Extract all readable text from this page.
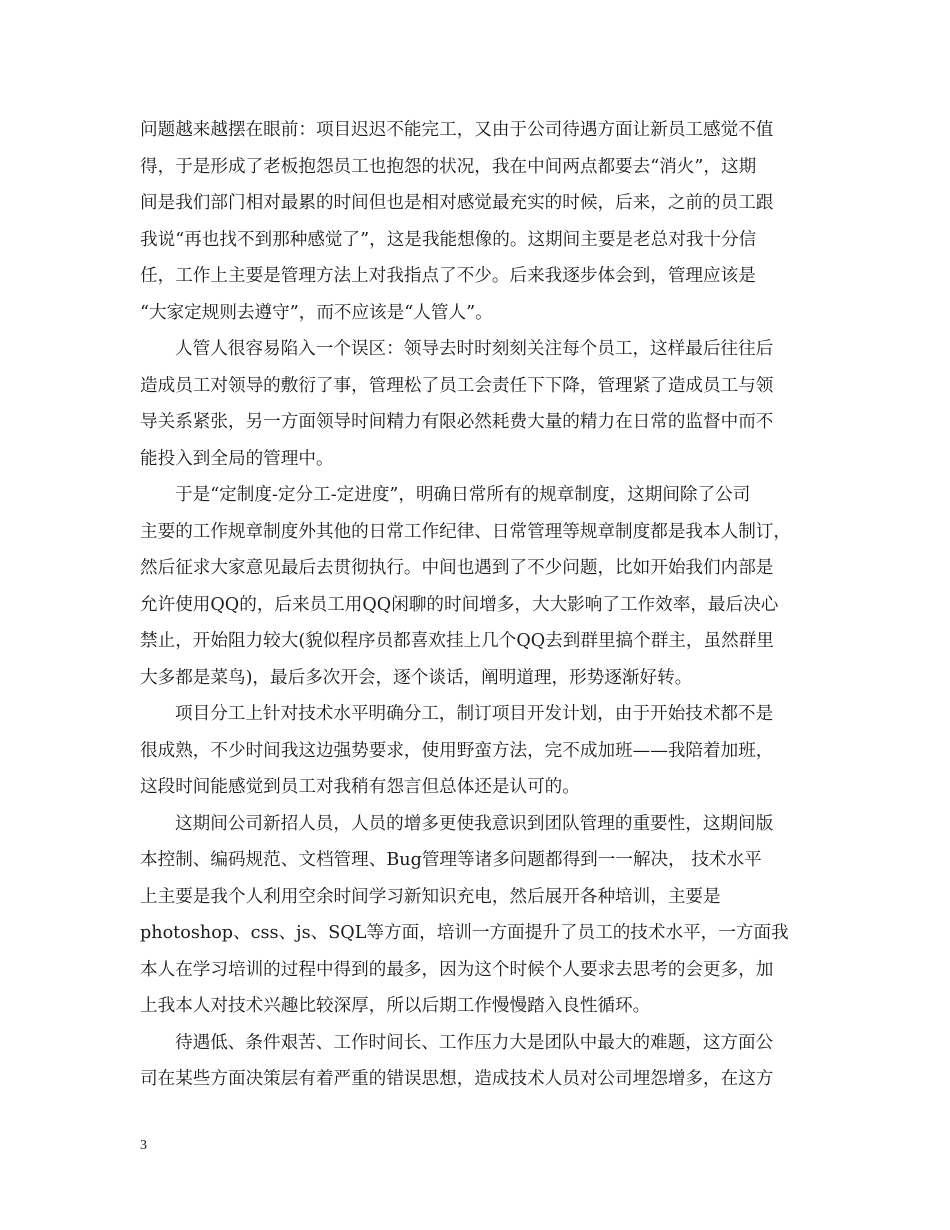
问题越来越摆在眼前：项目迟迟不能完工，又由于公司待遇方面让新员工感觉不值

得，于是形成了老板抱怨员工也抱怨的状况，我在中间两点都要去“消火”，这期

间是我们部门相对最累的时间但也是相对感觉最充实的时候，后来，之前的员工跟

我说“再也找不到那种感觉了”，这是我能想像的。这期间主要是老总对我十分信

任，工作上主要是管理方法上对我指点了不少。后来我逐步体会到，管理应该是

“大家定规则去遵守”，而不应该是“人管人”。

人管人很容易陷入一个误区：领导去时时刻刻关注每个员工，这样最后往往后

造成员工对领导的敷衍了事，管理松了员工会责任下下降，管理紧了造成员工与领

导关系紧张，另一方面领导时间精力有限必然耗费大量的精力在日常的监督中而不

能投入到全局的管理中。

于是“定制度-定分工-定进度”，明确日常所有的规章制度，这期间除了公司

主要的工作规章制度外其他的日常工作纪律、日常管理等规章制度都是我本人制订，

然后征求大家意见最后去贯彻执行。中间也遇到了不少问题，比如开始我们内部是

允许使用QQ的，后来员工用QQ闲聊的时间增多，大大影响了工作效率，最后决心

禁止，开始阻力较大(貌似程序员都喜欢挂上几个QQ去到群里搞个群主，虽然群里

大多都是菜鸟)，最后多次开会，逐个谈话，阐明道理，形势逐渐好转。

项目分工上针对技术水平明确分工，制订项目开发计划，由于开始技术都不是

很成熟，不少时间我这边强势要求，使用野蛮方法，完不成加班——我陪着加班，

这段时间能感觉到员工对我稍有怨言但总体还是认可的。

这期间公司新招人员，人员的增多更使我意识到团队管理的重要性，这期间版

本控制、编码规范、文档管理、Bug管理等诸多问题都得到一一解决， 技术水平

上主要是我个人利用空余时间学习新知识充电，然后展开各种培训，主要是

photoshop、css、js、SQL等方面，培训一方面提升了员工的技术水平，一方面我

本人在学习培训的过程中得到的最多，因为这个时候个人要求去思考的会更多，加

上我本人对技术兴趣比较深厚，所以后期工作慢慢踏入良性循环。

待遇低、条件艰苦、工作时间长、工作压力大是团队中最大的难题，这方面公

司在某些方面决策层有着严重的错误思想，造成技术人员对公司埋怨增多，在这方

3
